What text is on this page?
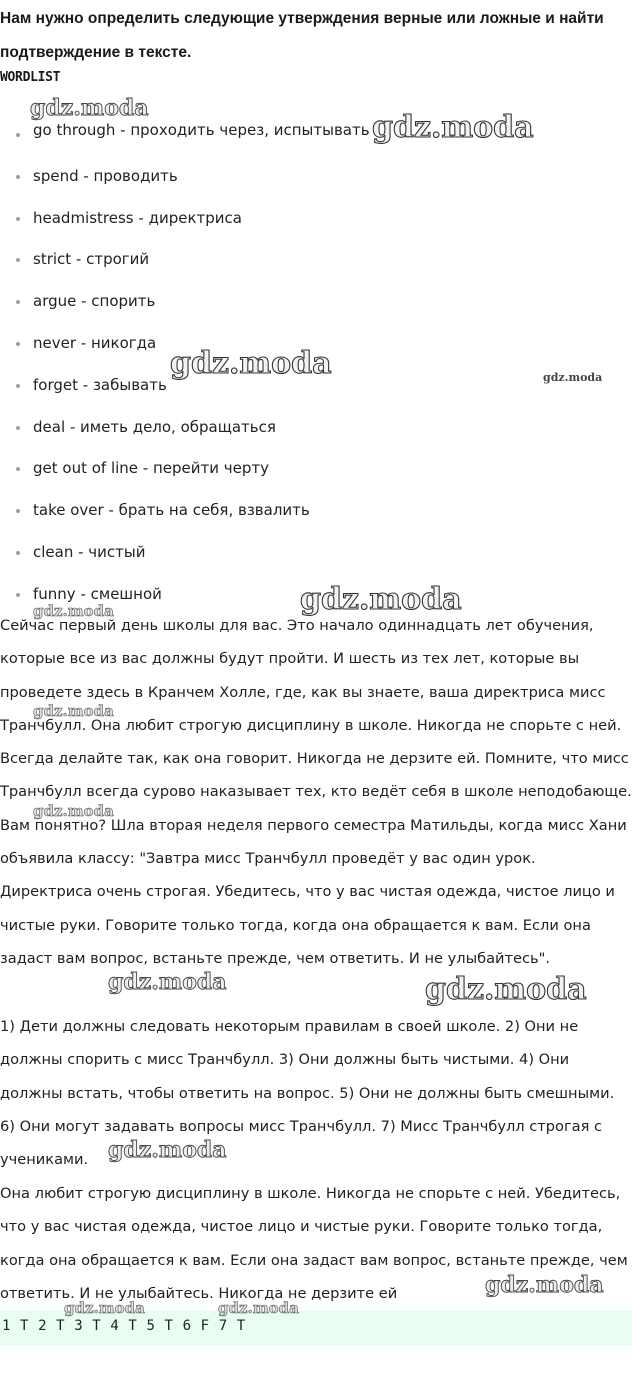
Нам нужно определить следующие утверждения верные или ложные и найти подтверждение в тексте.

WORDLIST
go through - проходить через, испытывать
spend - проводить
headmistress - директриса
strict - строгий
argue - спорить
never - никогда
forget - забывать
deal - иметь дело, обращаться
get out of line - перейти черту
take over - брать на себя, взвалить
clean - чистый
funny - смешной

Сейчас первый день школы для вас. Это начало одиннадцать лет обучения, которые все из вас должны будут пройти. И шесть из тех лет, которые вы проведете здесь в Кранчем Холле, где, как вы знаете, ваша директриса мисс Транчбулл. Она любит строгую дисциплину в школе. Никогда не спорьте с ней. Всегда делайте так, как она говорит. Никогда не дерзите ей. Помните, что мисс Транчбулл всегда сурово наказывает тех, кто ведёт себя в школе неподобающе. Вам понятно? Шла вторая неделя первого семестра Матильды, когда мисс Хани объявила классу: "Завтра мисс Транчбулл проведёт у вас один урок. Директриса очень строгая. Убедитесь, что у вас чистая одежда, чистое лицо и чистые руки. Говорите только тогда, когда она обращается к вам. Если она задаст вам вопрос, встаньте прежде, чем ответить. И не улыбайтесь".

1) Дети должны следовать некоторым правилам в своей школе. 2) Они не должны спорить с мисс Транчбулл. 3) Они должны быть чистыми. 4) Они должны встать, чтобы ответить на вопрос. 5) Они не должны быть смешными. 6) Они могут задавать вопросы мисс Транчбулл. 7) Мисс Транчбулл строгая с учениками.

Она любит строгую дисциплину в школе. Никогда не спорьте с ней. Убедитесь, что у вас чистая одежда, чистое лицо и чистые руки. Говорите только тогда, когда она обращается к вам. Если она задаст вам вопрос, встаньте прежде, чем ответить. И не улыбайтесь. Никогда не дерзите ей

1 T 2 T 3 T 4 T 5 T 6 F 7 T
gdz.moda
gdz.moda
gdz.moda	gdz.moda
gdz.moda
gdz.moda
gdz.moda
gdz.moda
gdz.moda	gdz.moda
gdz.moda
gdz.moda
gdz.moda	gdz.moda
